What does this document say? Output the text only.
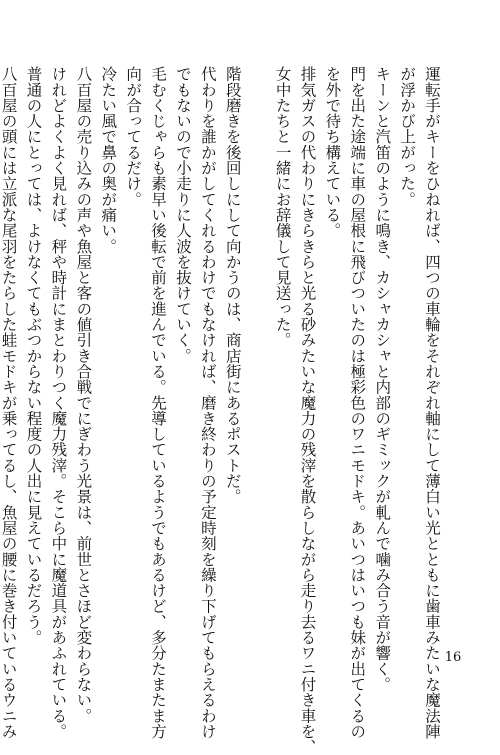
運転手がキーをひねれば、四つの車輪をそれぞれ軸にして薄白い光とともに歯車みたいな魔法陣
が浮かび上がった。
キーンと汽笛のように鳴き、カシャカシャと内部のギミックが軋んで噛み合う音が響く。
門を出た途端に車の屋根に飛びついたのは極彩色のワニモドキ。あいつはいつも妹が出てくるの
を外で待ち構えている。
排気ガスの代わりにきらきらと光る砂みたいな魔力の残滓を散らしながら走り去るワニ付き車を、
女中たちと一緒にお辞儀して見送った。

階段磨きを後回しにして向かうのは、商店街にあるポストだ。
代わりを誰かがしてくれるわけでもなければ、磨き終わりの予定時刻を繰り下げてもらえるわけ
でもないので小走りに人波を抜けていく。
毛むくじゃらも素早い後転で前を進んでいる。先導しているようでもあるけど、多分たまたま方
向が合ってるだけ。
冷たい風で鼻の奥が痛い。
八百屋の売り込みの声や魚屋と客の値引き合戦でにぎわう光景は、前世とさほど変わらない。
けれどよくよく見れば、秤や時計にまとわりつく魔力残滓。そこら中に魔道具があふれている。
普通の人にとっては、よけなくてもぶつからない程度の人出に見えているだろう。
八百屋の頭には立派な尾羽をたらした蛙モドキが乗ってるし、魚屋の腰に巻き付いているウニみ	16
